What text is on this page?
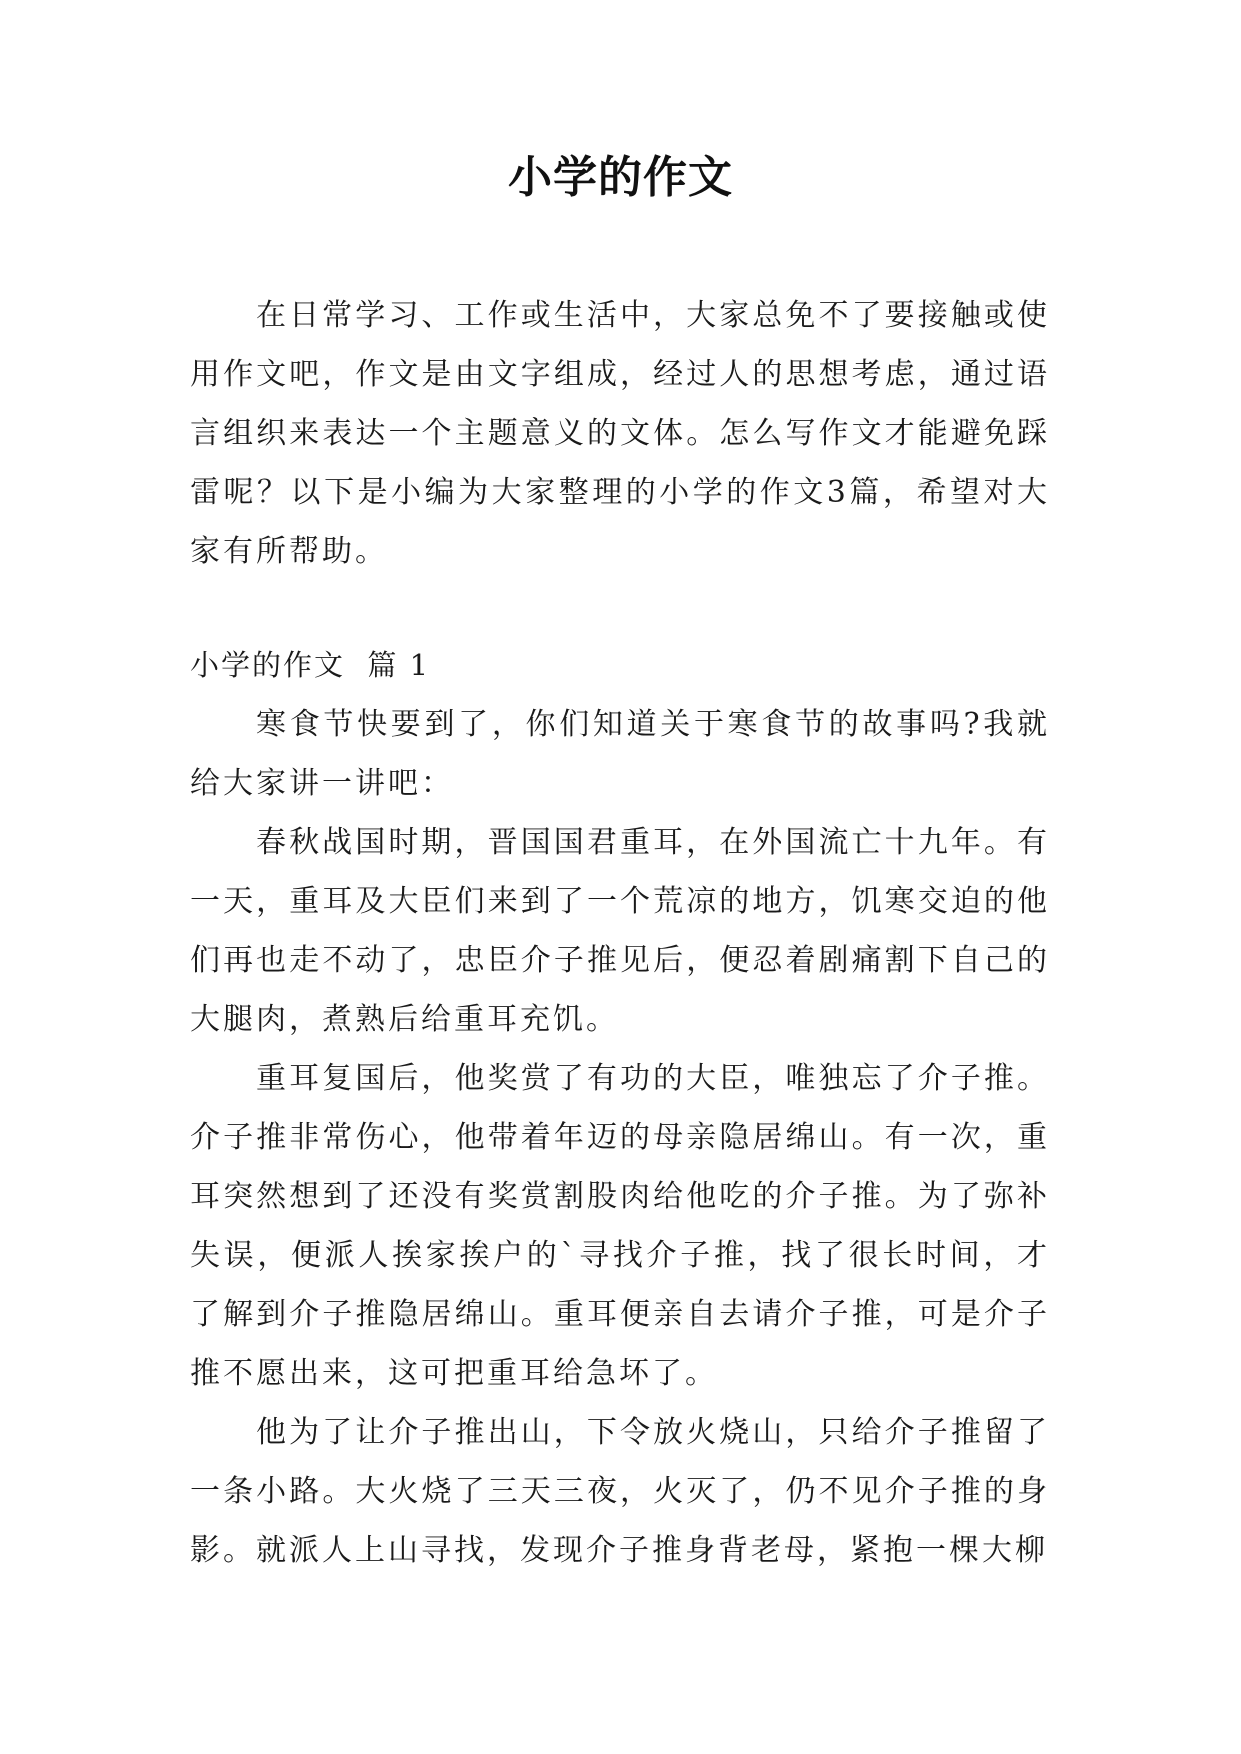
小学的作文

在日常学习、工作或生活中，大家总免不了要接触或使用作文吧，作文是由文字组成，经过人的思想考虑，通过语言组织来表达一个主题意义的文体。怎么写作文才能避免踩雷呢？以下是小编为大家整理的小学的作文3篇，希望对大家有所帮助。

小学的作文  篇 1

寒食节快要到了，你们知道关于寒食节的故事吗?我就给大家讲一讲吧：

春秋战国时期，晋国国君重耳，在外国流亡十九年。有一天，重耳及大臣们来到了一个荒凉的地方，饥寒交迫的他们再也走不动了，忠臣介子推见后，便忍着剧痛割下自己的大腿肉，煮熟后给重耳充饥。

重耳复国后，他奖赏了有功的大臣，唯独忘了介子推。介子推非常伤心，他带着年迈的母亲隐居绵山。有一次，重耳突然想到了还没有奖赏割股肉给他吃的介子推。为了弥补失误，便派人挨家挨户的`寻找介子推，找了很长时间，才了解到介子推隐居绵山。重耳便亲自去请介子推，可是介子推不愿出来，这可把重耳给急坏了。

他为了让介子推出山，下令放火烧山，只给介子推留了一条小路。大火烧了三天三夜，火灭了，仍不见介子推的身影。就派人上山寻找，发现介子推身背老母，紧抱一棵大柳
